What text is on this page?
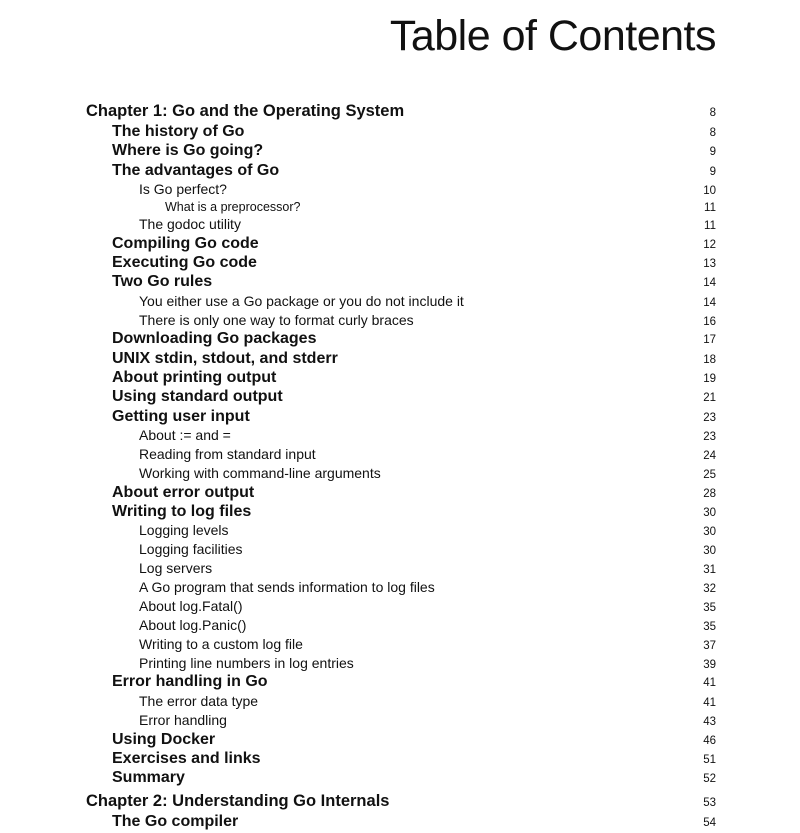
Table of Contents
Chapter 1: Go and the Operating System	8
The history of Go	8
Where is Go going?	9
The advantages of Go	9
Is Go perfect?	10
What is a preprocessor?	11
The godoc utility	11
Compiling Go code	12
Executing Go code	13
Two Go rules	14
You either use a Go package or you do not include it	14
There is only one way to format curly braces	16
Downloading Go packages	17
UNIX stdin, stdout, and stderr	18
About printing output	19
Using standard output	21
Getting user input	23
About := and =	23
Reading from standard input	24
Working with command-line arguments	25
About error output	28
Writing to log files	30
Logging levels	30
Logging facilities	30
Log servers	31
A Go program that sends information to log files	32
About log.Fatal()	35
About log.Panic()	35
Writing to a custom log file	37
Printing line numbers in log entries	39
Error handling in Go	41
The error data type	41
Error handling	43
Using Docker	46
Exercises and links	51
Summary	52
Chapter 2: Understanding Go Internals	53
The Go compiler	54
